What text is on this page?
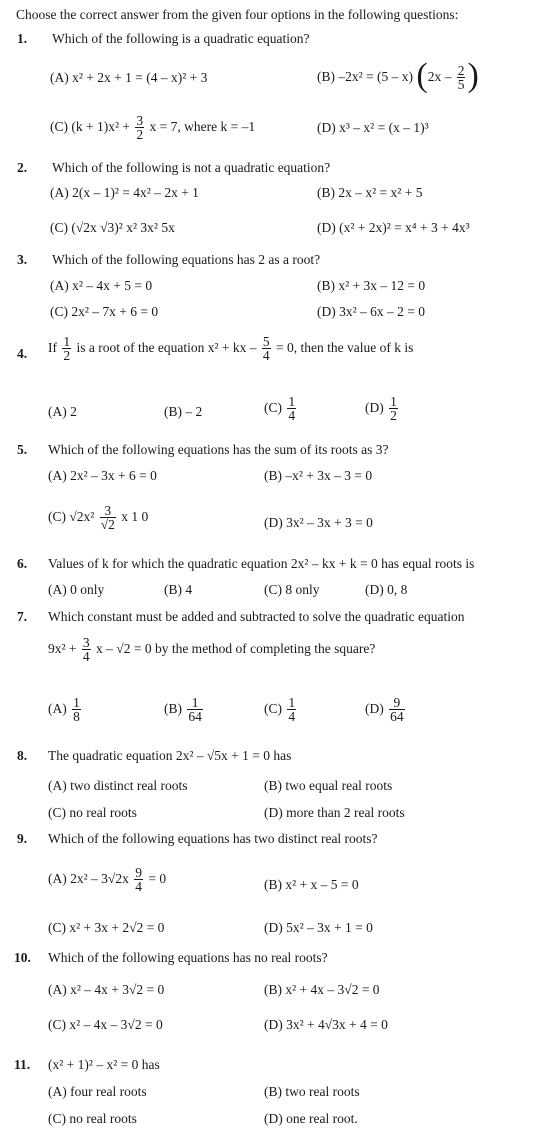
Choose the correct answer from the given four options in the following questions:
1. Which of the following is a quadratic equation?
(A) x² + 2x + 1 = (4 – x)² + 3	(B) –2x² = (5 – x) ($2x - \frac{2}{5}$ )
(C) $(k + 1)x^2 + \frac{3}{2}$ x = 7, where k = –1	(D) x³ – x² = (x – 1)³
2. Which of the following is not a quadratic equation?
(A) 2(x – 1)² = 4x² – 2x + 1	(B) 2x – x² = x² + 5
(C) (√2x √3)² x² 3x² 5x	(D) (x² + 2x)² = x⁴ + 3 + 4x³
3. Which of the following equations has 2 as a root?
(A) x² – 4x + 5 = 0	(B) x² + 3x – 12 = 0
(C) 2x² – 7x + 6 = 0	(D) 3x² – 6x – 2 = 0
4. If $\frac{1}{2}$ is a root of the equation x² + kx – $\frac{5}{4} = 0$, then the value of k is
(A) 2	(B) – 2	$(C) \frac{1}{4}$	$(D) \frac{1}{2}$
5. Which of the following equations has the sum of its roots as 3?
(A) 2x² – 3x + 6 = 0	(B) –x² + 3x – 3 = 0
(C) $√2x^2 \frac{3}{√2}$ x 1 0	(D) 3x² – 3x + 3 = 0
6. Values of k for which the quadratic equation 2x² – kx + k = 0 has equal roots is
(A) 0 only	(B) 4	(C) 8 only	(D) 0, 8
7. Which constant must be added and subtracted to solve the quadratic equation
$9x^2 + \frac{3}{4}$ x – √2 = 0 by the method of completing the square?
$(A) \frac{1}{8}$	$(B) \frac{1}{64}$	$(C) \frac{1}{4}$	$(D) \frac{9}{64}$
8. The quadratic equation 2x² – √5x + 1 = 0 has
(A) two distinct real roots	(B) two equal real roots
(C) no real roots	(D) more than 2 real roots
9. Which of the following equations has two distinct real roots?
(A) $2x^2 - 3√2x \frac{9}{4} = 0$	(B) x² + x – 5 = 0
(C) x² + 3x + 2√2 = 0	(D) 5x² – 3x + 1 = 0
10. Which of the following equations has no real roots?
(A) x² – 4x + 3√2 = 0	(B) x² + 4x – 3√2 = 0
(C) x² – 4x – 3√2 = 0	(D) 3x² + 4√3x + 4 = 0
11. (x² + 1)² – x² = 0 has
(A) four real roots	(B) two real roots
(C) no real roots	(D) one real root.
